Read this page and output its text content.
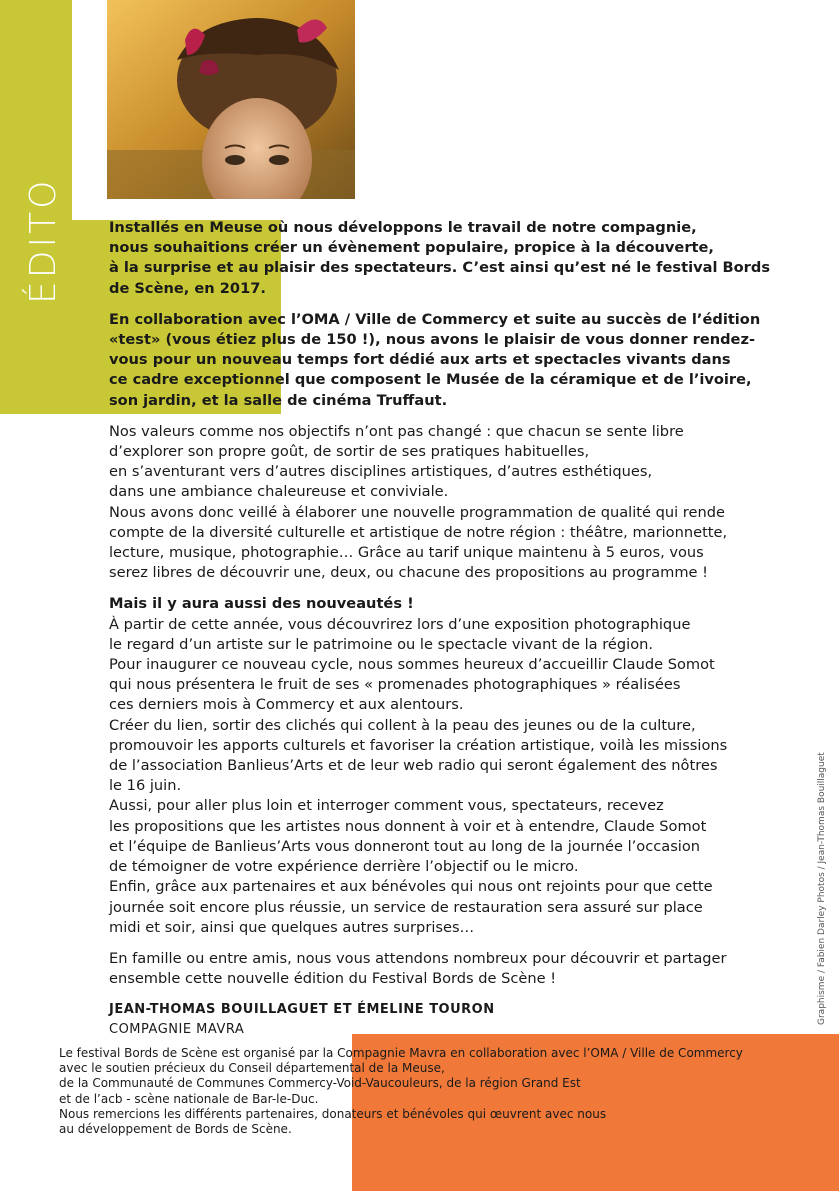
ÉDITO	Installés en Meuse où nous développons le travail de notre compagnie,
nous souhaitions créer un évènement populaire, propice à la découverte,
à la surprise et au plaisir des spectateurs. C’est ainsi qu’est né le festival Bords
de Scène, en 2017.

En collaboration avec l’OMA / Ville de Commercy et suite au succès de l’édition
«test» (vous étiez plus de 150 !), nous avons le plaisir de vous donner rendez-
vous pour un nouveau temps fort dédié aux arts et spectacles vivants dans
ce cadre exceptionnel que composent le Musée de la céramique et de l’ivoire,
son jardin, et la salle de cinéma Truffaut.

Nos valeurs comme nos objectifs n’ont pas changé : que chacun se sente libre
d’explorer son propre goût, de sortir de ses pratiques habituelles,
en s’aventurant vers d’autres disciplines artistiques, d’autres esthétiques,
dans une ambiance chaleureuse et conviviale.
Nous avons donc veillé à élaborer une nouvelle programmation de qualité qui rende
compte de la diversité culturelle et artistique de notre région : théâtre, marionnette,
lecture, musique, photographie… Grâce au tarif unique maintenu à 5 euros, vous
serez libres de découvrir une, deux, ou chacune des propositions au programme !

Mais il y aura aussi des nouveautés !
À partir de cette année, vous découvrirez lors d’une exposition photographique
le regard d’un artiste sur le patrimoine ou le spectacle vivant de la région.
Pour inaugurer ce nouveau cycle, nous sommes heureux d’accueillir Claude Somot
qui nous présentera le fruit de ses « promenades photographiques » réalisées
ces derniers mois à Commercy et aux alentours.
Créer du lien, sortir des clichés qui collent à la peau des jeunes ou de la culture,
promouvoir les apports culturels et favoriser la création artistique, voilà les missions
de l’association Banlieus’Arts et de leur web radio qui seront également des nôtres
le 16 juin.
Aussi, pour aller plus loin et interroger comment vous, spectateurs, recevez
les propositions que les artistes nous donnent à voir et à entendre, Claude Somot
et l’équipe de Banlieus’Arts vous donneront tout au long de la journée l’occasion
de témoigner de votre expérience derrière l’objectif ou le micro.
Enfin, grâce aux partenaires et aux bénévoles qui nous ont rejoints pour que cette
journée soit encore plus réussie, un service de restauration sera assuré sur place
midi et soir, ainsi que quelques autres surprises…

En famille ou entre amis, nous vous attendons nombreux pour découvrir et partager
ensemble cette nouvelle édition du Festival Bords de Scène !

JEAN-THOMAS BOUILLAGUET ET ÉMELINE TOURON
COMPAGNIE MAVRA
Graphisme / Fabien Darley Photos / Jean-Thomas Bouillaguet
Le festival Bords de Scène est organisé par la Compagnie Mavra en collaboration avec l’OMA / Ville de Commercy
avec le soutien précieux du Conseil départemental de la Meuse,
de la Communauté de Communes Commercy-Void-Vaucouleurs, de la région Grand Est
et de l’acb - scène nationale de Bar-le-Duc.
Nous remercions les différents partenaires, donateurs et bénévoles qui œuvrent avec nous
au développement de Bords de Scène.
